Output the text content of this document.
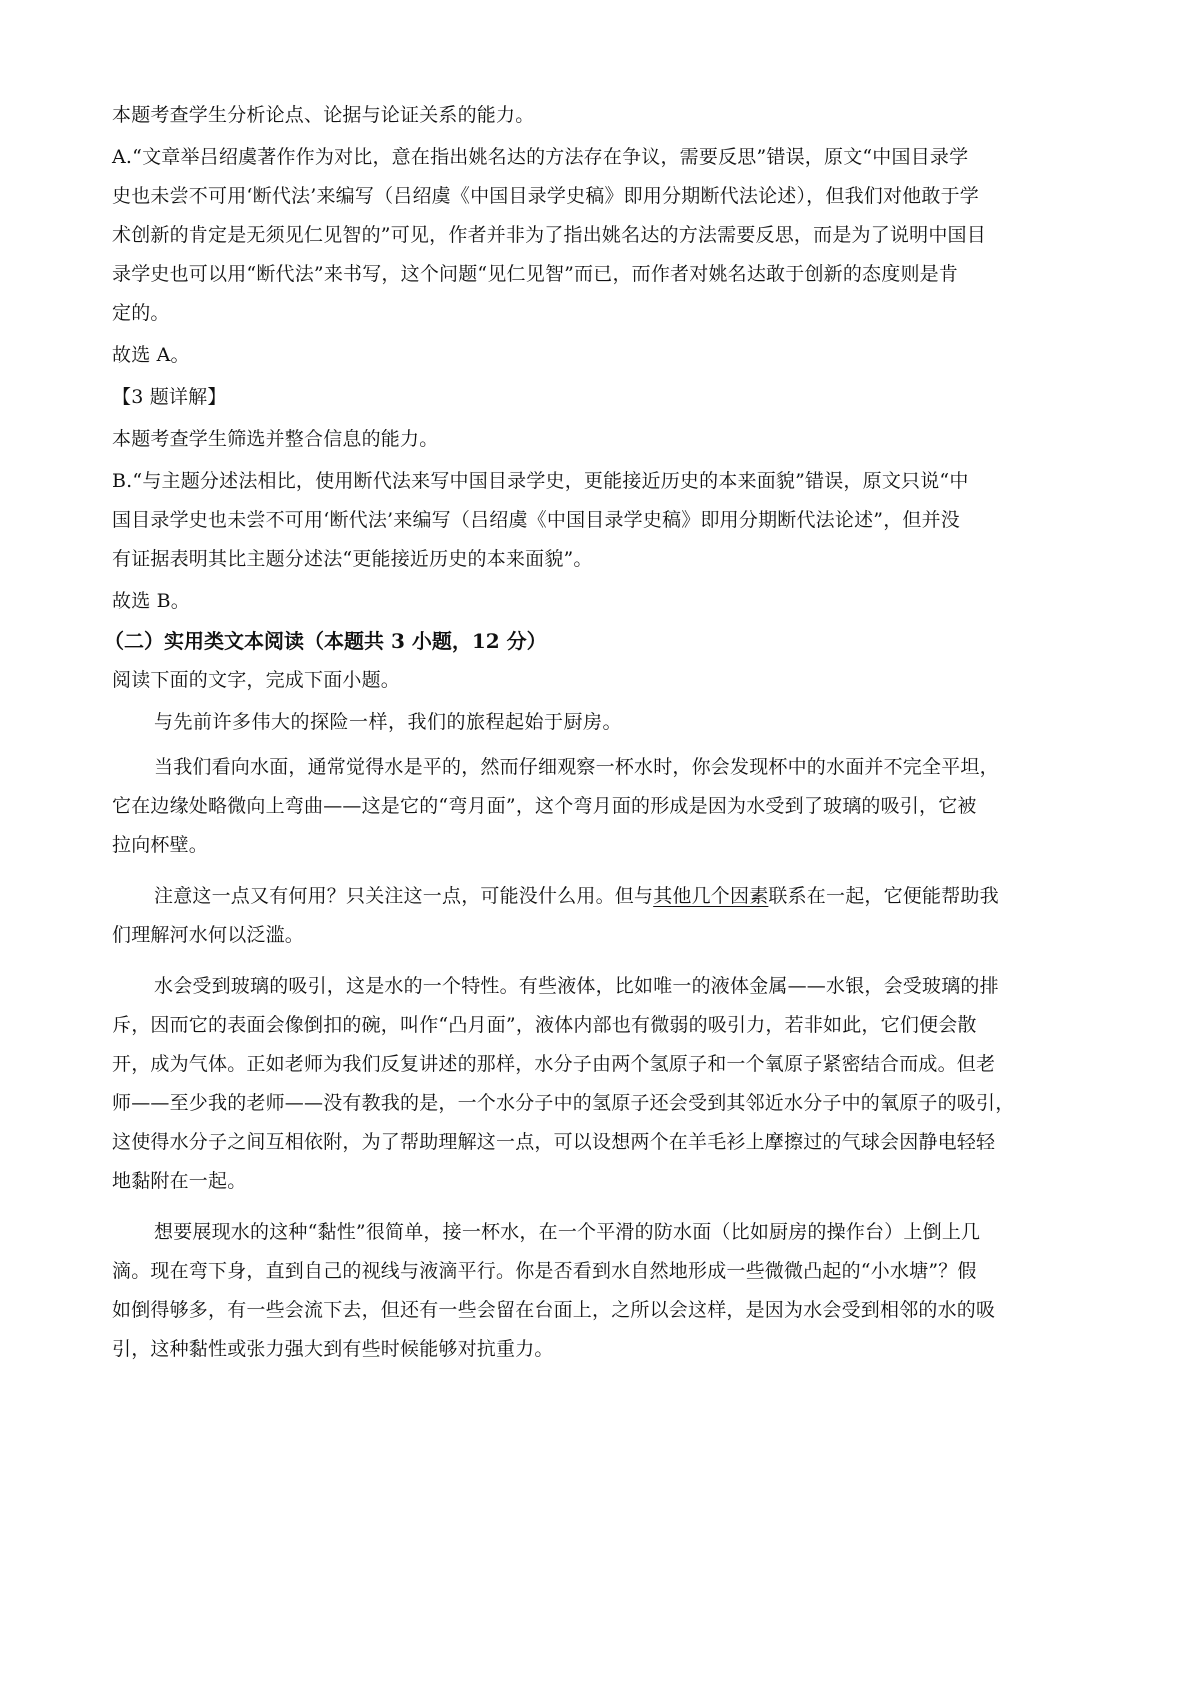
本题考查学生分析论点、论据与论证关系的能力。
A.“文章举吕绍虞著作作为对比，意在指出姚名达的方法存在争议，需要反思”错误，原文“中国目录学
史也未尝不可用‘断代法’来编写（吕绍虞《中国目录学史稿》即用分期断代法论述），但我们对他敢于学
术创新的肯定是无须见仁见智的”可见，作者并非为了指出姚名达的方法需要反思，而是为了说明中国目
录学史也可以用“断代法”来书写，这个问题“见仁见智”而已，而作者对姚名达敢于创新的态度则是肯
定的。
故选 A。
【3 题详解】
本题考查学生筛选并整合信息的能力。
B.“与主题分述法相比，使用断代法来写中国目录学史，更能接近历史的本来面貌”错误，原文只说“中
国目录学史也未尝不可用‘断代法’来编写（吕绍虞《中国目录学史稿》即用分期断代法论述”，但并没
有证据表明其比主题分述法“更能接近历史的本来面貌”。
故选 B。
（二）实用类文本阅读（本题共 3 小题，12 分）
阅读下面的文字，完成下面小题。
与先前许多伟大的探险一样，我们的旅程起始于厨房。
当我们看向水面，通常觉得水是平的，然而仔细观察一杯水时，你会发现杯中的水面并不完全平坦，
它在边缘处略微向上弯曲——这是它的“弯月面”，这个弯月面的形成是因为水受到了玻璃的吸引，它被
拉向杯壁。
注意这一点又有何用？只关注这一点，可能没什么用。但与其他几个因素联系在一起，它便能帮助我
们理解河水何以泛滥。
水会受到玻璃的吸引，这是水的一个特性。有些液体，比如唯一的液体金属——水银，会受玻璃的排
斥，因而它的表面会像倒扣的碗，叫作“凸月面”，液体内部也有微弱的吸引力，若非如此，它们便会散
开，成为气体。正如老师为我们反复讲述的那样，水分子由两个氢原子和一个氧原子紧密结合而成。但老
师——至少我的老师——没有教我的是，一个水分子中的氢原子还会受到其邻近水分子中的氧原子的吸引，
这使得水分子之间互相依附，为了帮助理解这一点，可以设想两个在羊毛衫上摩擦过的气球会因静电轻轻
地黏附在一起。
想要展现水的这种“黏性”很简单，接一杯水，在一个平滑的防水面（比如厨房的操作台）上倒上几
滴。现在弯下身，直到自己的视线与液滴平行。你是否看到水自然地形成一些微微凸起的“小水塘”？假
如倒得够多，有一些会流下去，但还有一些会留在台面上，之所以会这样，是因为水会受到相邻的水的吸
引，这种黏性或张力强大到有些时候能够对抗重力。
